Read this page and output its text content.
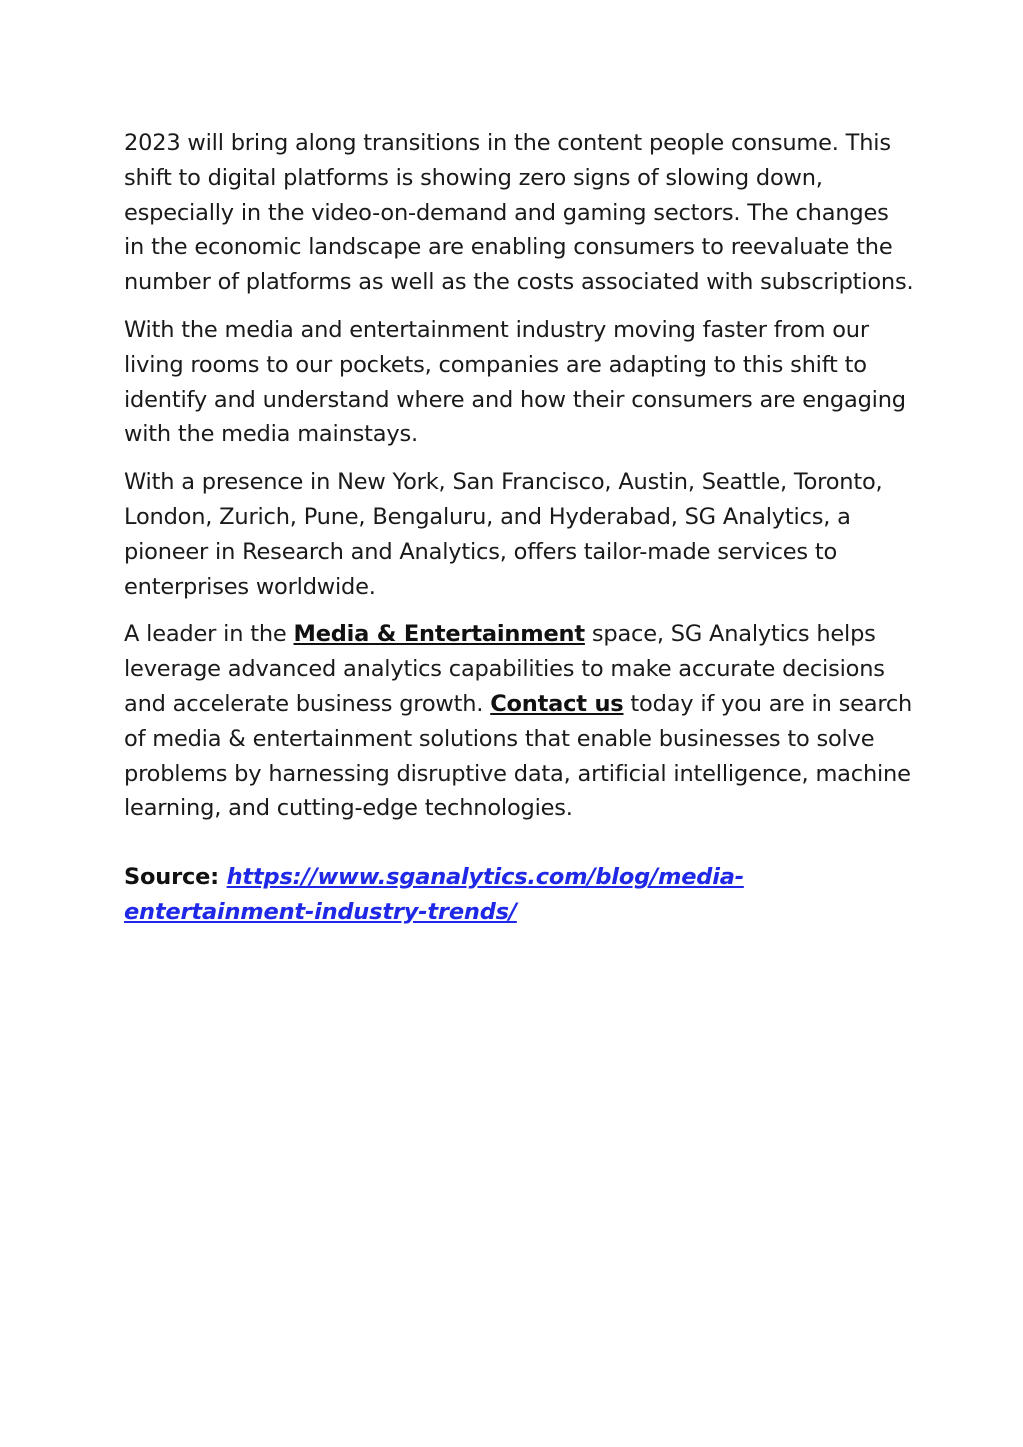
2023 will bring along transitions in the content people consume. This shift to digital platforms is showing zero signs of slowing down, especially in the video-on-demand and gaming sectors. The changes in the economic landscape are enabling consumers to reevaluate the number of platforms as well as the costs associated with subscriptions.

With the media and entertainment industry moving faster from our living rooms to our pockets, companies are adapting to this shift to identify and understand where and how their consumers are engaging with the media mainstays.

With a presence in New York, San Francisco, Austin, Seattle, Toronto, London, Zurich, Pune, Bengaluru, and Hyderabad, SG Analytics, a pioneer in Research and Analytics, offers tailor-made services to enterprises worldwide.

A leader in the Media & Entertainment space, SG Analytics helps leverage advanced analytics capabilities to make accurate decisions and accelerate business growth. Contact us today if you are in search of media & entertainment solutions that enable businesses to solve problems by harnessing disruptive data, artificial intelligence, machine learning, and cutting-edge technologies.

Source: https://www.sganalytics.com/blog/media-entertainment-industry-trends/
